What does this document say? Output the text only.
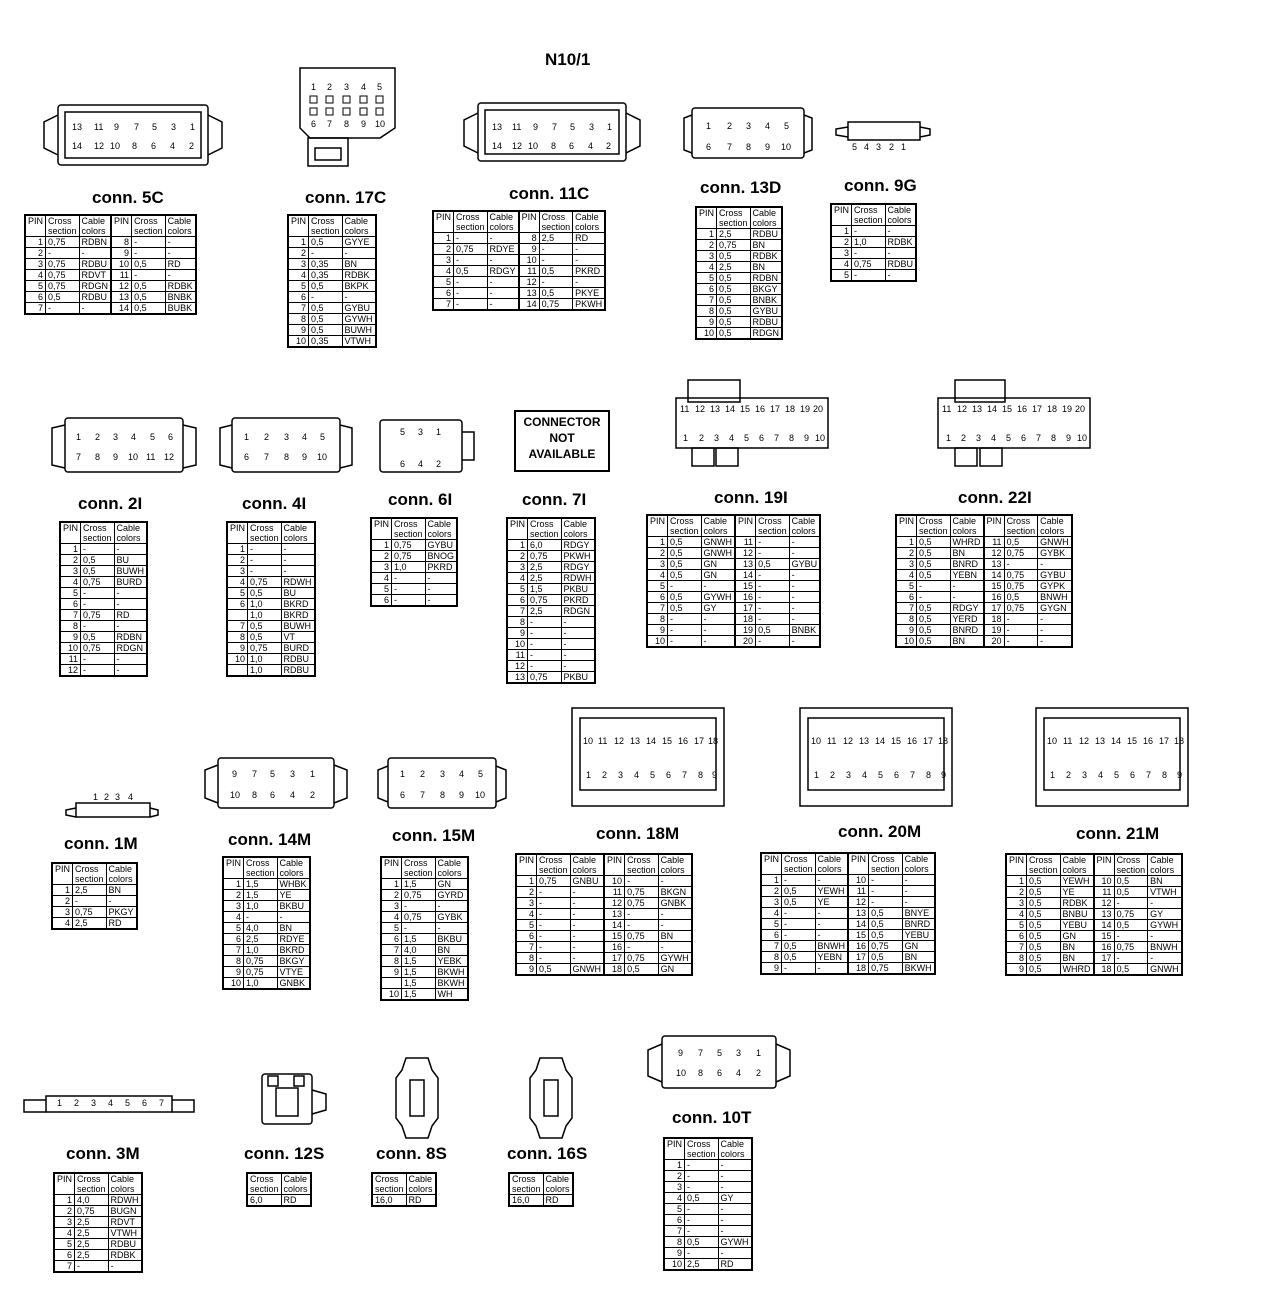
N10/1
13 11 9 7 5 3 1
14 12 10 8 6 4 2
1 2 3 4 5
6 7 8 9 10	13 11 9 7 5 3 1
14 12 10 8 6 4 2
1 2 3 4 5
6 7 8 9 10	5 4 3 2 1
1 2 3 4 5 6
7 8 9 10 11 12
1 2 3 4 5
6 7 8 9 10
5 3 1
6 4 2
11 12 13 14 15 16 17 18 19 20
1 2 3 4 5 6 7 8 9 10
11 12 13 14 15 16 17 18 19 20
1 2 3 4 5 6 7 8 9 10
10 11 12 13 14 15 16 17 18
1 2 3 4 5 6 7 8 9
10 11 12 13 14 15 16 17 18
1 2 3 4 5 6 7 8 9
10 11 12 13 14 15 16 17 18
1 2 3 4 5 6 7 8 9
1 2 3 4
9 7 5 3 1
10 8 6 4 2
1 2 3 4 5
6 7 8 9 10
1 2 3 4 5 6 7
9 7 5 3 1
10 8 6 4 2
CONNECTOR NOT AVAILABLE
conn. 5C	conn. 17C	conn. 11C	conn. 13D	conn. 9G
conn. 2I	conn. 4I	conn. 6I	conn. 7I	conn. 19I	conn. 22I
conn. 1M	conn. 14M	conn. 15M	conn. 18M	conn. 20M	conn. 21M
conn. 3M	conn. 12S	conn. 8S	conn. 16S
conn. 10T
PIN	Cross
section	Cable
colors	PIN	Cross
section	Cable
colors
1	0,75	RDBN	8	-	-
2	-	-	9	-	-
3	0,75	RDBU	10	0,5	RD
4	0,75	RDVT	11	-	-
5	0,75	RDGN	12	0,5	RDBK
6	0,5	RDBU	13	0,5	BNBK
7	-	-	14	0,5	BUBK
PIN	Cross
section	Cable
colors
1	0,5	GYYE
2	-	-
3	0,35	BN
4	0,35	RDBK
5	0,5	BKPK
6	-	-
7	0,5	GYBU
8	0,5	GYWH
9	0,5	BUWH
10	0,35	VTWH
PIN	Cross
section	Cable
colors	PIN	Cross
section	Cable
colors
1	-	-	8	2,5	RD
2	0,75	RDYE	9	-	-
3	-	-	10	-	-
4	0,5	RDGY	11	0,5	PKRD
5	-	-	12	-	-
6	-	-	13	0,5	PKYE
7	-	-	14	0,75	PKWH
PIN	Cross
section	Cable
colors
1	2,5	RDBU
2	0,75	BN
3	0,5	RDBK
4	2,5	BN
5	0,5	RDBN
6	0,5	BKGY
7	0,5	BNBK
8	0,5	GYBU
9	0,5	RDBU
10	0,5	RDGN
PIN	Cross
section	Cable
colors
1	-	-
2	1,0	RDBK
3	-	-
4	0,75	RDBU
5	-	-
PIN	Cross
section	Cable
colors
1	-	-
2	0,5	BU
3	0,5	BUWH
4	0,75	BURD
5	-	-
6	-	-
7	0,75	RD
8	-	-
9	0,5	RDBN
10	0,75	RDGN
11	-	-
12	-	-
PIN	Cross
section	Cable
colors
1	-	-
2	-	-
3	-	-
4	0,75	RDWH
5	0,5	BU
6	1,0	BKRD
	1,0	BKRD
7	0,5	BUWH
8	0,5	VT
9	0,75	BURD
10	1,0	RDBU
	1,0	RDBU
PIN	Cross
section	Cable
colors
1	0,75	GYBU
2	0,75	BNOG
3	1,0	PKRD
4	-	-
5	-	-
6	-	-
PIN	Cross
section	Cable
colors
1	6,0	RDGY
2	0,75	PKWH
3	2,5	RDGY
4	2,5	RDWH
5	1,5	PKBU
6	0,75	PKRD
7	2,5	RDGN
8	-	-
9	-	-
10	-	-
11	-	-
12	-	-
13	0,75	PKBU
PIN	Cross
section	Cable
colors	PIN	Cross
section	Cable
colors
1	0,5	GNWH	11	-	-
2	0,5	GNWH	12	-	-
3	0,5	GN	13	0,5	GYBU
4	0,5	GN	14	-	-
5	-	-	15	-	-
6	0,5	GYWH	16	-	-
7	0,5	GY	17	-	-
8	-	-	18	-	-
9	-	-	19	0,5	BNBK
10	-	-	20	-	-
PIN	Cross
section	Cable
colors	PIN	Cross
section	Cable
colors
1	0,5	WHRD	11	0,5	GNWH
2	0,5	BN	12	0,75	GYBK
3	0,5	BNRD	13	-	-
4	0,5	YEBN	14	0,75	GYBU
5	-	-	15	0,75	GYPK
6	-	-	16	0,5	BNWH
7	0,5	RDGY	17	0,75	GYGN
8	0,5	YERD	18	-	-
9	0,5	BNRD	19	-	-
10	0,5	BN	20	-	-
PIN	Cross
section	Cable
colors
1	2,5	BN
2	-	-
3	0,75	PKGY
4	2,5	RD
PIN	Cross
section	Cable
colors
1	1,5	WHBK
2	1,5	YE
3	1,0	BKBU
4	-	-
5	4,0	BN
6	2,5	RDYE
7	1,0	BKRD
8	0,75	BKGY
9	0,75	VTYE
10	1,0	GNBK
PIN	Cross
section	Cable
colors
1	1,5	GN
2	0,75	GYRD
3	-	-
4	0,75	GYBK
5	-	-
6	1,5	BKBU
7	4,0	BN
8	1,5	YEBK
9	1,5	BKWH
	1,5	BKWH
10	1,5	WH
PIN	Cross
section	Cable
colors	PIN	Cross
section	Cable
colors
1	0,75	GNBU	10	-	-
2	-	-	11	0,75	BKGN
3	-	-	12	0,75	GNBK
4	-	-	13	-	-
5	-	-	14	-	-
6	-	-	15	0,75	BN
7	-	-	16	-	-
8	-	-	17	0,75	GYWH
9	0,5	GNWH	18	0,5	GN
PIN	Cross
section	Cable
colors	PIN	Cross
section	Cable
colors
1	-	-	10	-	-
2	0,5	YEWH	11	-	-
3	0,5	YE	12	-	-
4	-	-	13	0,5	BNYE
5	-	-	14	0,5	BNRD
6	-	-	15	0,5	YEBU
7	0,5	BNWH	16	0,75	GN
8	0,5	YEBN	17	0,5	BN
9	-	-	18	0,75	BKWH
PIN	Cross
section	Cable
colors	PIN	Cross
section	Cable
colors
1	0,5	YEWH	10	0,5	BN
2	0,5	YE	11	0,5	VTWH
3	0,5	RDBK	12	-	-
4	0,5	BNBU	13	0,75	GY
5	0,5	YEBU	14	0,5	GYWH
6	0,5	GN	15	-	-
7	0,5	BN	16	0,75	BNWH
8	0,5	BN	17	-	-
9	0,5	WHRD	18	0,5	GNWH
PIN	Cross
section	Cable
colors
1	4,0	RDWH
2	0,75	BUGN
3	2,5	RDVT
4	2,5	VTWH
5	2,5	RDBU
6	2,5	RDBK
7	-	-
Cross
section	Cable
colors
6,0	RD
Cross
section	Cable
colors
16,0	RD
Cross
section	Cable
colors
16,0	RD
PIN	Cross
section	Cable
colors
1	-	-
2	-	-
3	-	-
4	0,5	GY
5	-	-
6	-	-
7	-	-
8	0,5	GYWH
9	-	-
10	2,5	RD
